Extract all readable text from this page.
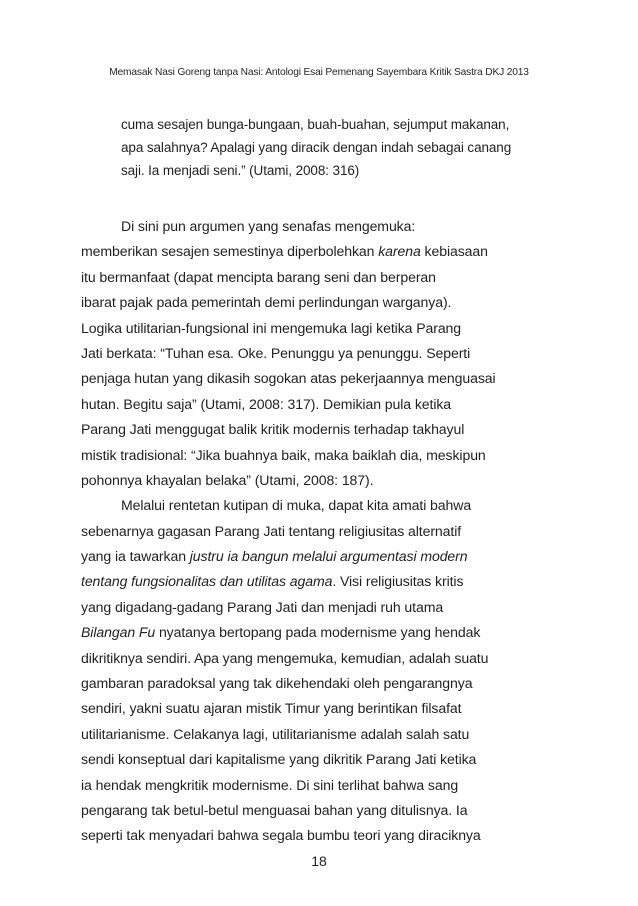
Memasak Nasi Goreng tanpa Nasi: Antologi Esai Pemenang Sayembara Kritik Sastra DKJ 2013
cuma sesajen bunga-bungaan, buah-buahan, sejumput makanan,
apa salahnya? Apalagi yang diracik dengan indah sebagai canang
saji. Ia menjadi seni.” (Utami, 2008: 316)
Di sini pun argumen yang senafas mengemuka:
memberikan sesajen semestinya diperbolehkan karena kebiasaan
itu bermanfaat (dapat mencipta barang seni dan berperan
ibarat pajak pada pemerintah demi perlindungan warganya).
Logika utilitarian-fungsional ini mengemuka lagi ketika Parang
Jati berkata: “Tuhan esa. Oke. Penunggu ya penunggu. Seperti
penjaga hutan yang dikasih sogokan atas pekerjaannya menguasai
hutan. Begitu saja” (Utami, 2008: 317). Demikian pula ketika
Parang Jati menggugat balik kritik modernis terhadap takhayul
mistik tradisional: “Jika buahnya baik, maka baiklah dia, meskipun
pohonnya khayalan belaka” (Utami, 2008: 187).
Melalui rentetan kutipan di muka, dapat kita amati bahwa
sebenarnya gagasan Parang Jati tentang religiusitas alternatif
yang ia tawarkan justru ia bangun melalui argumentasi modern
tentang fungsionalitas dan utilitas agama. Visi religiusitas kritis
yang digadang-gadang Parang Jati dan menjadi ruh utama
Bilangan Fu nyatanya bertopang pada modernisme yang hendak
dikritiknya sendiri. Apa yang mengemuka, kemudian, adalah suatu
gambaran paradoksal yang tak dikehendaki oleh pengarangnya
sendiri, yakni suatu ajaran mistik Timur yang berintikan filsafat
utilitarianisme. Celakanya lagi, utilitarianisme adalah salah satu
sendi konseptual dari kapitalisme yang dikritik Parang Jati ketika
ia hendak mengkritik modernisme. Di sini terlihat bahwa sang
pengarang tak betul-betul menguasai bahan yang ditulisnya. Ia
seperti tak menyadari bahwa segala bumbu teori yang diraciknya
18
